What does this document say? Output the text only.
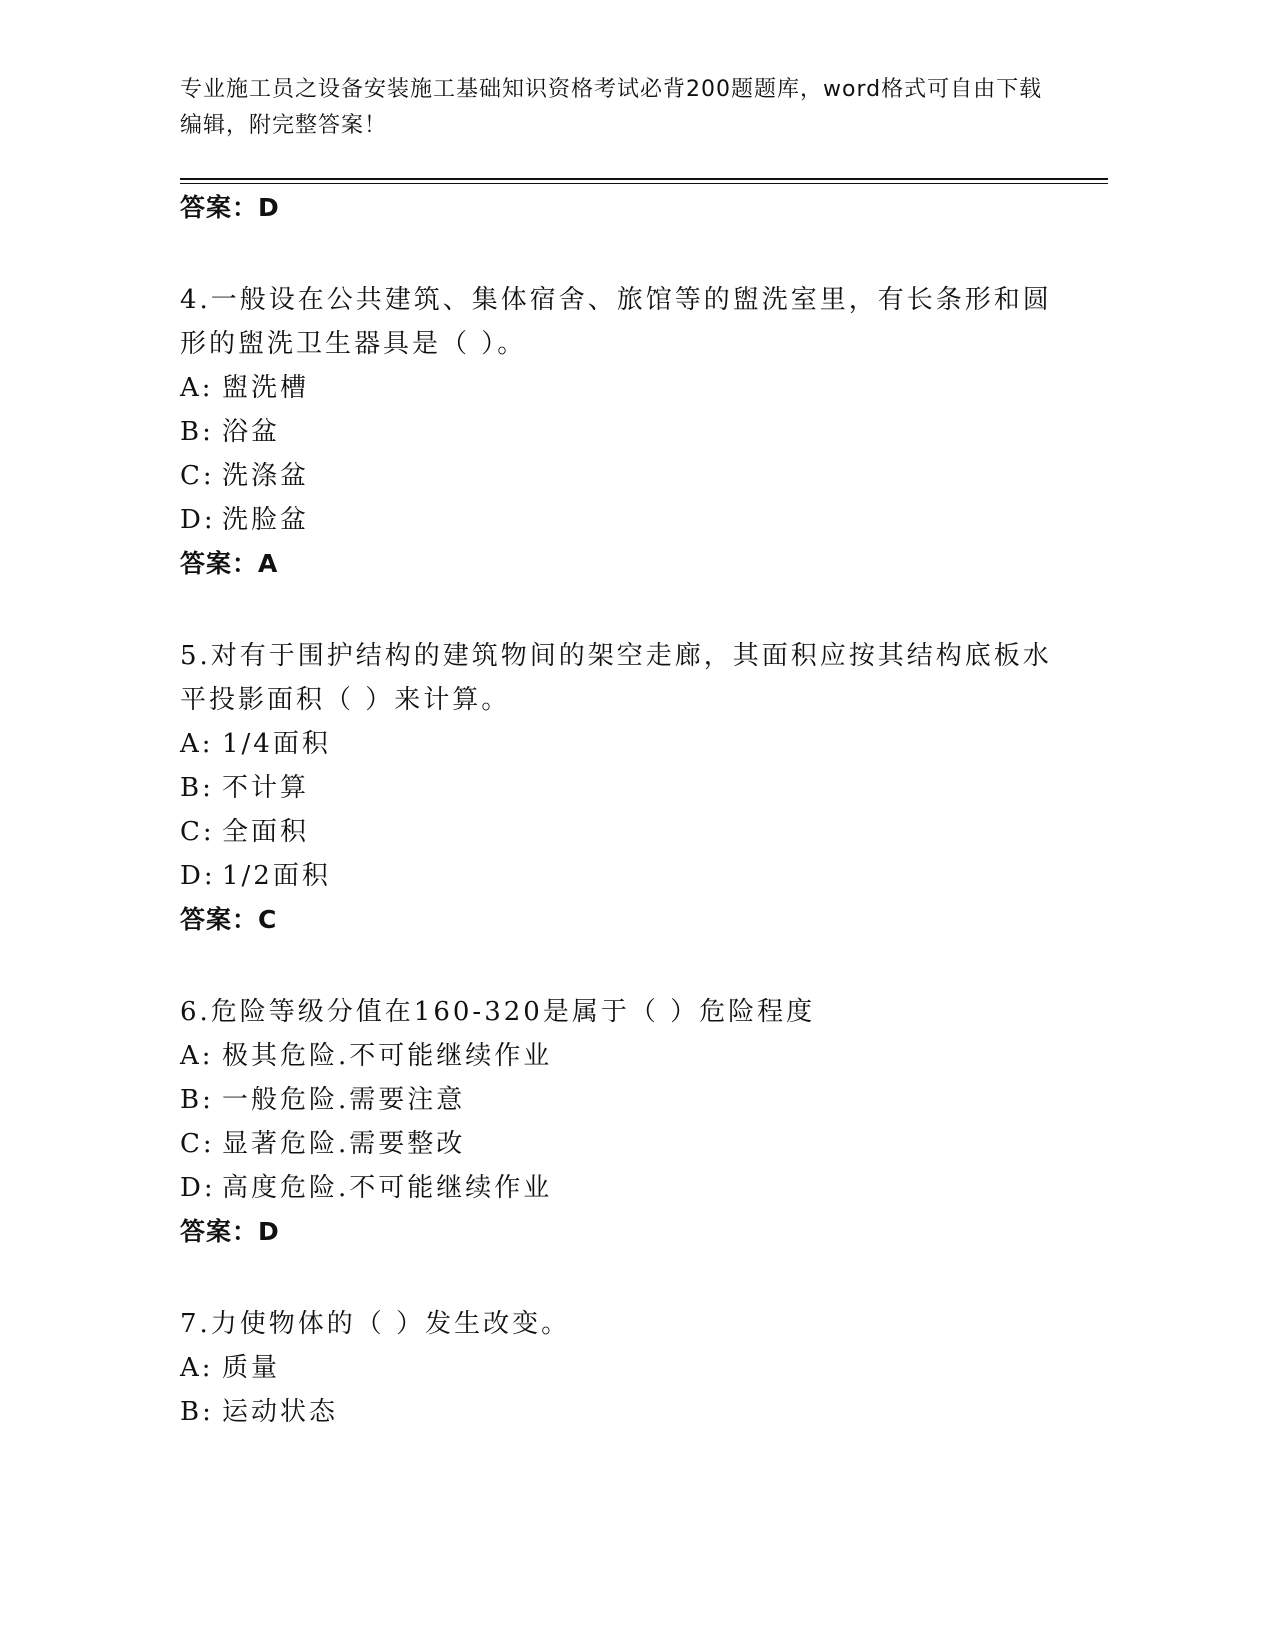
专业施工员之设备安装施工基础知识资格考试必背200题题库，word格式可自由下载编辑，附完整答案！
答案：D
4.一般设在公共建筑、集体宿舍、旅馆等的盥洗室里，有长条形和圆形的盥洗卫生器具是（ ）。
A: 盥洗槽
B: 浴盆
C: 洗涤盆
D: 洗脸盆
答案：A
5.对有于围护结构的建筑物间的架空走廊，其面积应按其结构底板水平投影面积（ ）来计算。
A: 1/4面积
B: 不计算
C: 全面积
D: 1/2面积
答案：C
6.危险等级分值在160-320是属于（ ）危险程度
A: 极其危险.不可能继续作业
B: 一般危险.需要注意
C: 显著危险.需要整改
D: 高度危险.不可能继续作业
答案：D
7.力使物体的（ ）发生改变。
A: 质量
B: 运动状态
